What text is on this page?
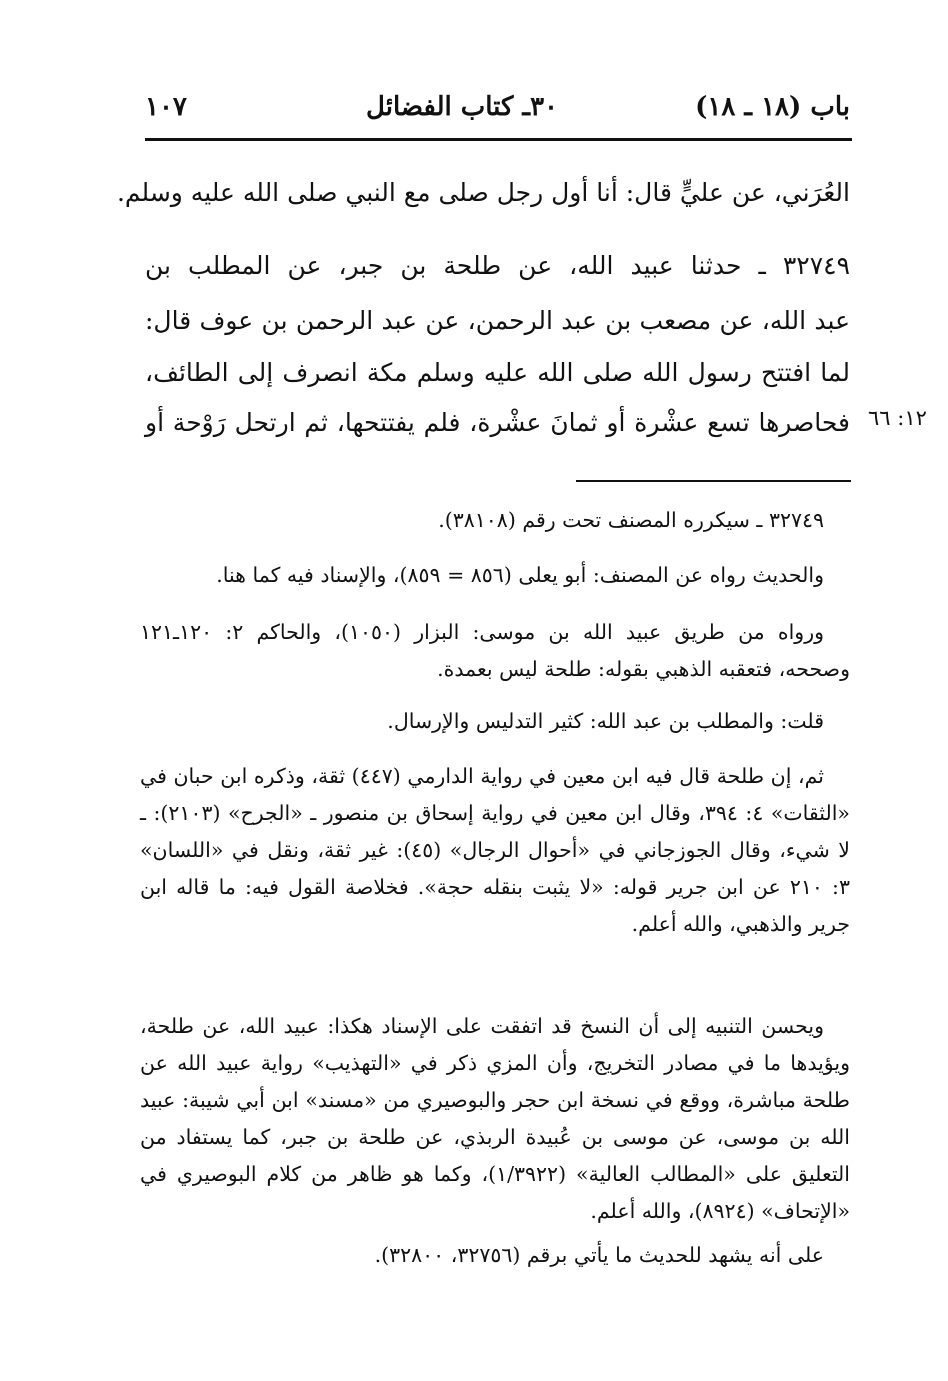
باب (١٨ ـ ١٨)
٣٠ـ كتاب الفضائل
١٠٧
العُرَني، عن عليٍّ قال: أنا أول رجل صلى مع النبي صلى الله عليه وسلم.
٣٢٧٤٩ ـ حدثنا عبيد الله، عن طلحة بن جبر، عن المطلب بن
عبد الله، عن مصعب بن عبد الرحمن، عن عبد الرحمن بن عوف قال:
لما افتتح رسول الله صلى الله عليه وسلم مكة انصرف إلى الطائف،
فحاصرها تسع عشْرة أو ثمانَ عشْرة، فلم يفتتحها، ثم ارتحل رَوْحة أو ١٢: ٦٦
٣٢٧٤٩ ـ سيكرره المصنف تحت رقم (٣٨١٠٨).
والحديث رواه عن المصنف: أبو يعلى (٨٥٦ = ٨٥٩)، والإسناد فيه كما هنا.
ورواه من طريق عبيد الله بن موسى: البزار (١٠٥٠)، والحاكم ٢: ١٢٠ـ١٢١ وصححه، فتعقبه الذهبي بقوله: طلحة ليس بعمدة.
قلت: والمطلب بن عبد الله: كثير التدليس والإرسال.
ثم، إن طلحة قال فيه ابن معين في رواية الدارمي (٤٤٧) ثقة، وذكره ابن حبان في «الثقات» ٤: ٣٩٤، وقال ابن معين في رواية إسحاق بن منصور ـ «الجرح» (٢١٠٣): ـ لا شيء، وقال الجوزجاني في «أحوال الرجال» (٤٥): غير ثقة، ونقل في «اللسان» ٣: ٢١٠ عن ابن جرير قوله: «لا يثبت بنقله حجة». فخلاصة القول فيه: ما قاله ابن جرير والذهبي، والله أعلم.
ويحسن التنبيه إلى أن النسخ قد اتفقت على الإسناد هكذا: عبيد الله، عن طلحة، ويؤيدها ما في مصادر التخريج، وأن المزي ذكر في «التهذيب» رواية عبيد الله عن طلحة مباشرة، ووقع في نسخة ابن حجر والبوصيري من «مسند» ابن أبي شيبة: عبيد الله بن موسى، عن موسى بن عُبيدة الربذي، عن طلحة بن جبر، كما يستفاد من التعليق على «المطالب العالية» (١/٣٩٢٢)، وكما هو ظاهر من كلام البوصيري في «الإتحاف» (٨٩٢٤)، والله أعلم.
على أنه يشهد للحديث ما يأتي برقم (٣٢٧٥٦، ٣٢٨٠٠).
